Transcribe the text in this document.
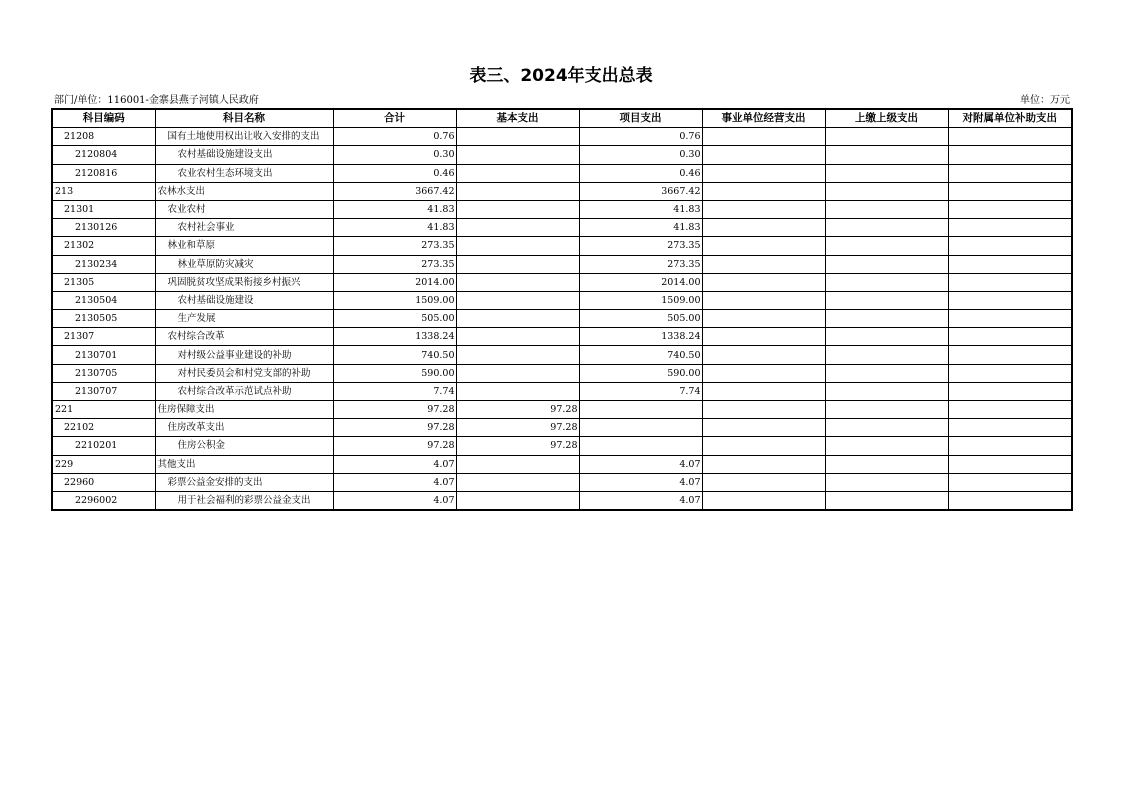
表三、2024年支出总表
部门/单位：116001-金寨县燕子河镇人民政府	单位：万元
科目编码	科目名称	合计	基本支出	项目支出	事业单位经营支出	上缴上级支出	对附属单位补助支出
21208	国有土地使用权出让收入安排的支出	0.76		0.76			
2120804	农村基础设施建设支出	0.30		0.30			
2120816	农业农村生态环境支出	0.46		0.46			
213	农林水支出	3667.42		3667.42			
21301	农业农村	41.83		41.83			
2130126	农村社会事业	41.83		41.83			
21302	林业和草原	273.35		273.35			
2130234	林业草原防灾减灾	273.35		273.35			
21305	巩固脱贫攻坚成果衔接乡村振兴	2014.00		2014.00			
2130504	农村基础设施建设	1509.00		1509.00			
2130505	生产发展	505.00		505.00			
21307	农村综合改革	1338.24		1338.24			
2130701	对村级公益事业建设的补助	740.50		740.50			
2130705	对村民委员会和村党支部的补助	590.00		590.00			
2130707	农村综合改革示范试点补助	7.74		7.74			
221	住房保障支出	97.28	97.28				
22102	住房改革支出	97.28	97.28				
2210201	住房公积金	97.28	97.28				
229	其他支出	4.07		4.07			
22960	彩票公益金安排的支出	4.07		4.07			
2296002	用于社会福利的彩票公益金支出	4.07		4.07			
